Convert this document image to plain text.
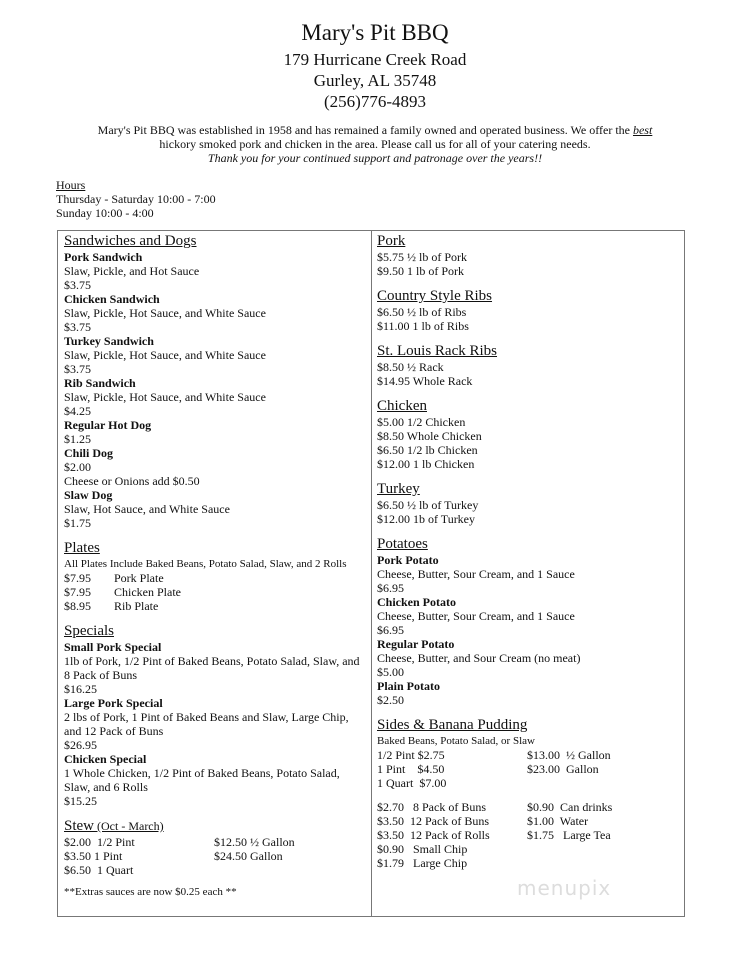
Mary's Pit BBQ
179 Hurricane Creek Road
Gurley, AL 35748
(256)776-4893
Mary's Pit BBQ was established in 1958 and has remained a family owned and operated business. We offer the best
hickory smoked pork and chicken in the area. Please call us for all of your catering needs.
Thank you for your continued support and patronage over the years!!
Hours
Thursday - Saturday 10:00 - 7:00
Sunday 10:00 - 4:00
Sandwiches and Dogs
Pork Sandwich
Slaw, Pickle, and Hot Sauce
$3.75
Chicken Sandwich
Slaw, Pickle, Hot Sauce, and White Sauce
$3.75
Turkey Sandwich
Slaw, Pickle, Hot Sauce, and White Sauce
$3.75
Rib Sandwich
Slaw, Pickle, Hot Sauce, and White Sauce
$4.25
Regular Hot Dog
$1.25
Chili Dog
$2.00
Cheese or Onions add $0.50
Slaw Dog
Slaw, Hot Sauce, and White Sauce
$1.75
Plates
All Plates Include Baked Beans, Potato Salad, Slaw, and 2 Rolls
$7.95	Pork Plate
$7.95	Chicken Plate
$8.95	Rib Plate
Specials
Small Pork Special
1lb of Pork, 1/2 Pint of Baked Beans, Potato Salad, Slaw, and
8 Pack of Buns
$16.25
Large Pork Special
2 lbs of Pork, 1 Pint of Baked Beans and Slaw, Large Chip,
and 12 Pack of Buns
$26.95
Chicken Special
1 Whole Chicken, 1/2 Pint of Baked Beans, Potato Salad,
Slaw, and 6 Rolls
$15.25
Stew (Oct - March)
$2.00  1/2 Pint	$12.50 ½ Gallon
$3.50 1 Pint	$24.50 Gallon
$6.50  1 Quart
**Extras sauces are now $0.25 each **
Pork
$5.75 ½ lb of Pork
$9.50 1 lb of Pork
Country Style Ribs
$6.50 ½ lb of Ribs
$11.00 1 lb of Ribs
St. Louis Rack Ribs
$8.50 ½ Rack
$14.95 Whole Rack
Chicken
$5.00 1/2 Chicken
$8.50 Whole Chicken
$6.50 1/2 lb Chicken
$12.00 1 lb Chicken
Turkey
$6.50 ½ lb of Turkey
$12.00 1b of Turkey
Potatoes
Pork Potato
Cheese, Butter, Sour Cream, and 1 Sauce
$6.95
Chicken Potato
Cheese, Butter, Sour Cream, and 1 Sauce
$6.95
Regular Potato
Cheese, Butter, and Sour Cream (no meat)
$5.00
Plain Potato
$2.50
Sides & Banana Pudding
Baked Beans, Potato Salad, or Slaw
1/2 Pint $2.75	$13.00  ½ Gallon
1 Pint    $4.50	$23.00  Gallon
1 Quart  $7.00
$2.70   8 Pack of Buns	$0.90  Can drinks
$3.50  12 Pack of Buns	$1.00  Water
$3.50  12 Pack of Rolls	$1.75   Large Tea
$0.90   Small Chip
$1.79   Large Chip
menupix
